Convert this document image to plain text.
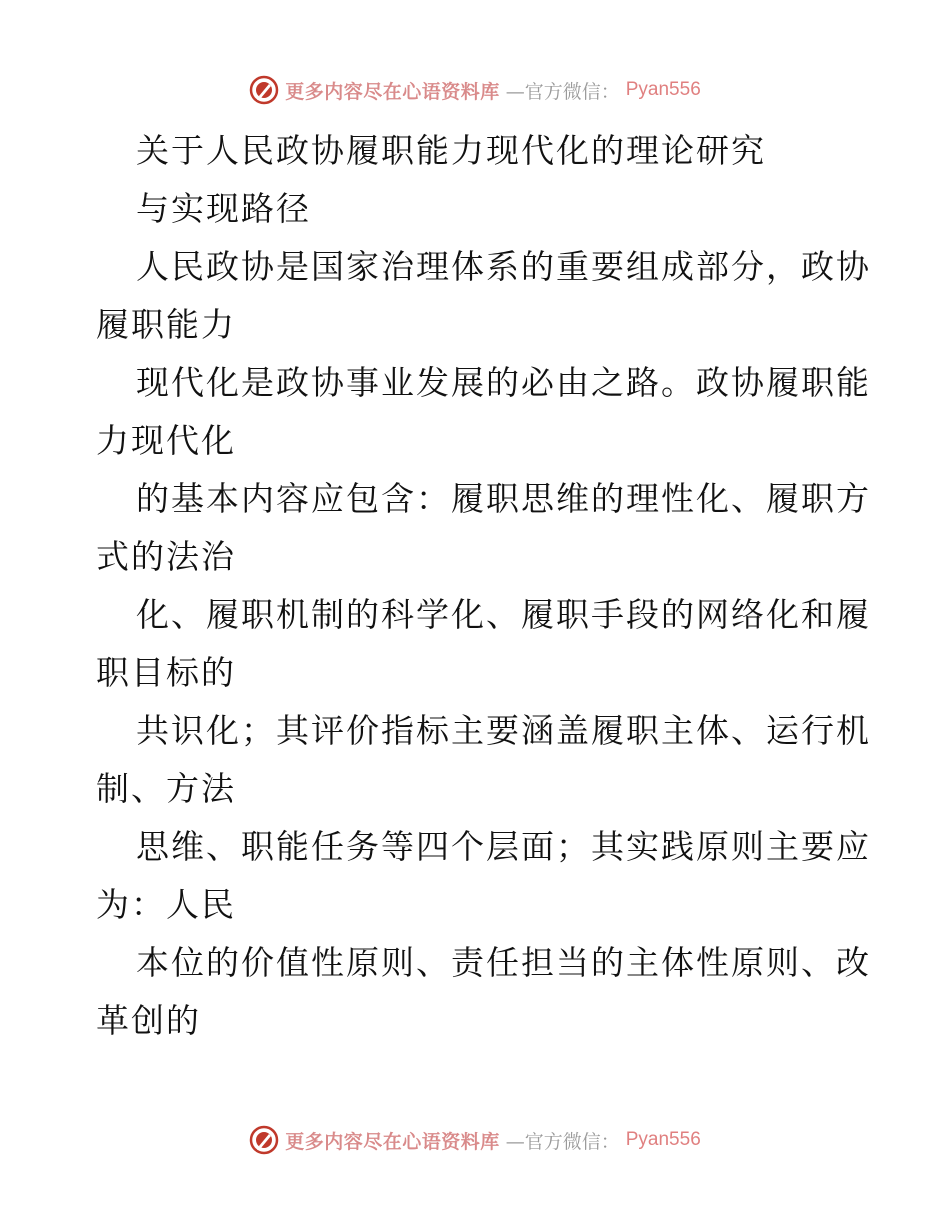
更多内容尽在心语资料库 —官方微信： Pyan556
关于人民政协履职能力现代化的理论研究
与实现路径
人民政协是国家治理体系的重要组成部分，政协
履职能力
现代化是政协事业发展的必由之路。政协履职能
力现代化
的基本内容应包含：履职思维的理性化、履职方
式的法治
化、履职机制的科学化、履职手段的网络化和履
职目标的
共识化；其评价指标主要涵盖履职主体、运行机
制、方法
思维、职能任务等四个层面；其实践原则主要应
为：人民
本位的价值性原则、责任担当的主体性原则、改
革创的
更多内容尽在心语资料库 —官方微信： Pyan556
